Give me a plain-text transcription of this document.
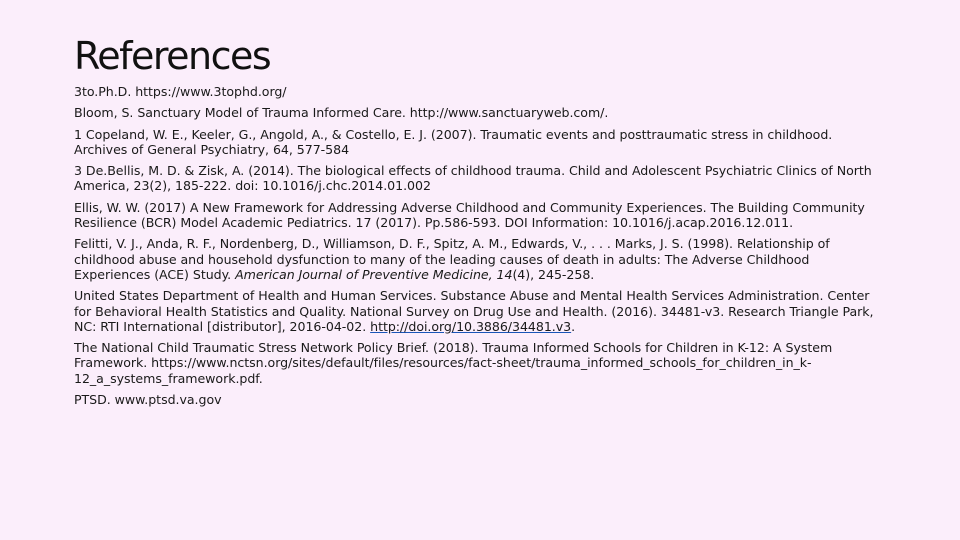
References

3to.Ph.D. https://www.3tophd.org/

Bloom, S. Sanctuary Model of Trauma Informed Care. http://www.sanctuaryweb.com/.

1 Copeland, W. E., Keeler, G., Angold, A., & Costello, E. J. (2007). Traumatic events and posttraumatic stress in childhood. Archives of General Psychiatry, 64, 577-584

3 De.Bellis, M. D. & Zisk, A. (2014). The biological effects of childhood trauma. Child and Adolescent Psychiatric Clinics of North America, 23(2), 185-222. doi: 10.1016/j.chc.2014.01.002

Ellis, W. W. (2017) A New Framework for Addressing Adverse Childhood and Community Experiences. The Building Community Resilience (BCR) Model Academic Pediatrics. 17 (2017). Pp.586-593. DOI Information: 10.1016/j.acap.2016.12.011.

Felitti, V. J., Anda, R. F., Nordenberg, D., Williamson, D. F., Spitz, A. M., Edwards, V., . . . Marks, J. S. (1998). Relationship of childhood abuse and household dysfunction to many of the leading causes of death in adults: The Adverse Childhood Experiences (ACE) Study. American Journal of Preventive Medicine, 14(4), 245-258.

United States Department of Health and Human Services. Substance Abuse and Mental Health Services Administration. Center for Behavioral Health Statistics and Quality. National Survey on Drug Use and Health. (2016). 34481-v3. Research Triangle Park, NC: RTI International [distributor], 2016-04-02. http://doi.org/10.3886/34481.v3.

The National Child Traumatic Stress Network Policy Brief. (2018). Trauma Informed Schools for Children in K-12: A System Framework. https://www.nctsn.org/sites/default/files/resources/fact-sheet/trauma_informed_schools_for_children_in_k-12_a_systems_framework.pdf.

PTSD. www.ptsd.va.gov
